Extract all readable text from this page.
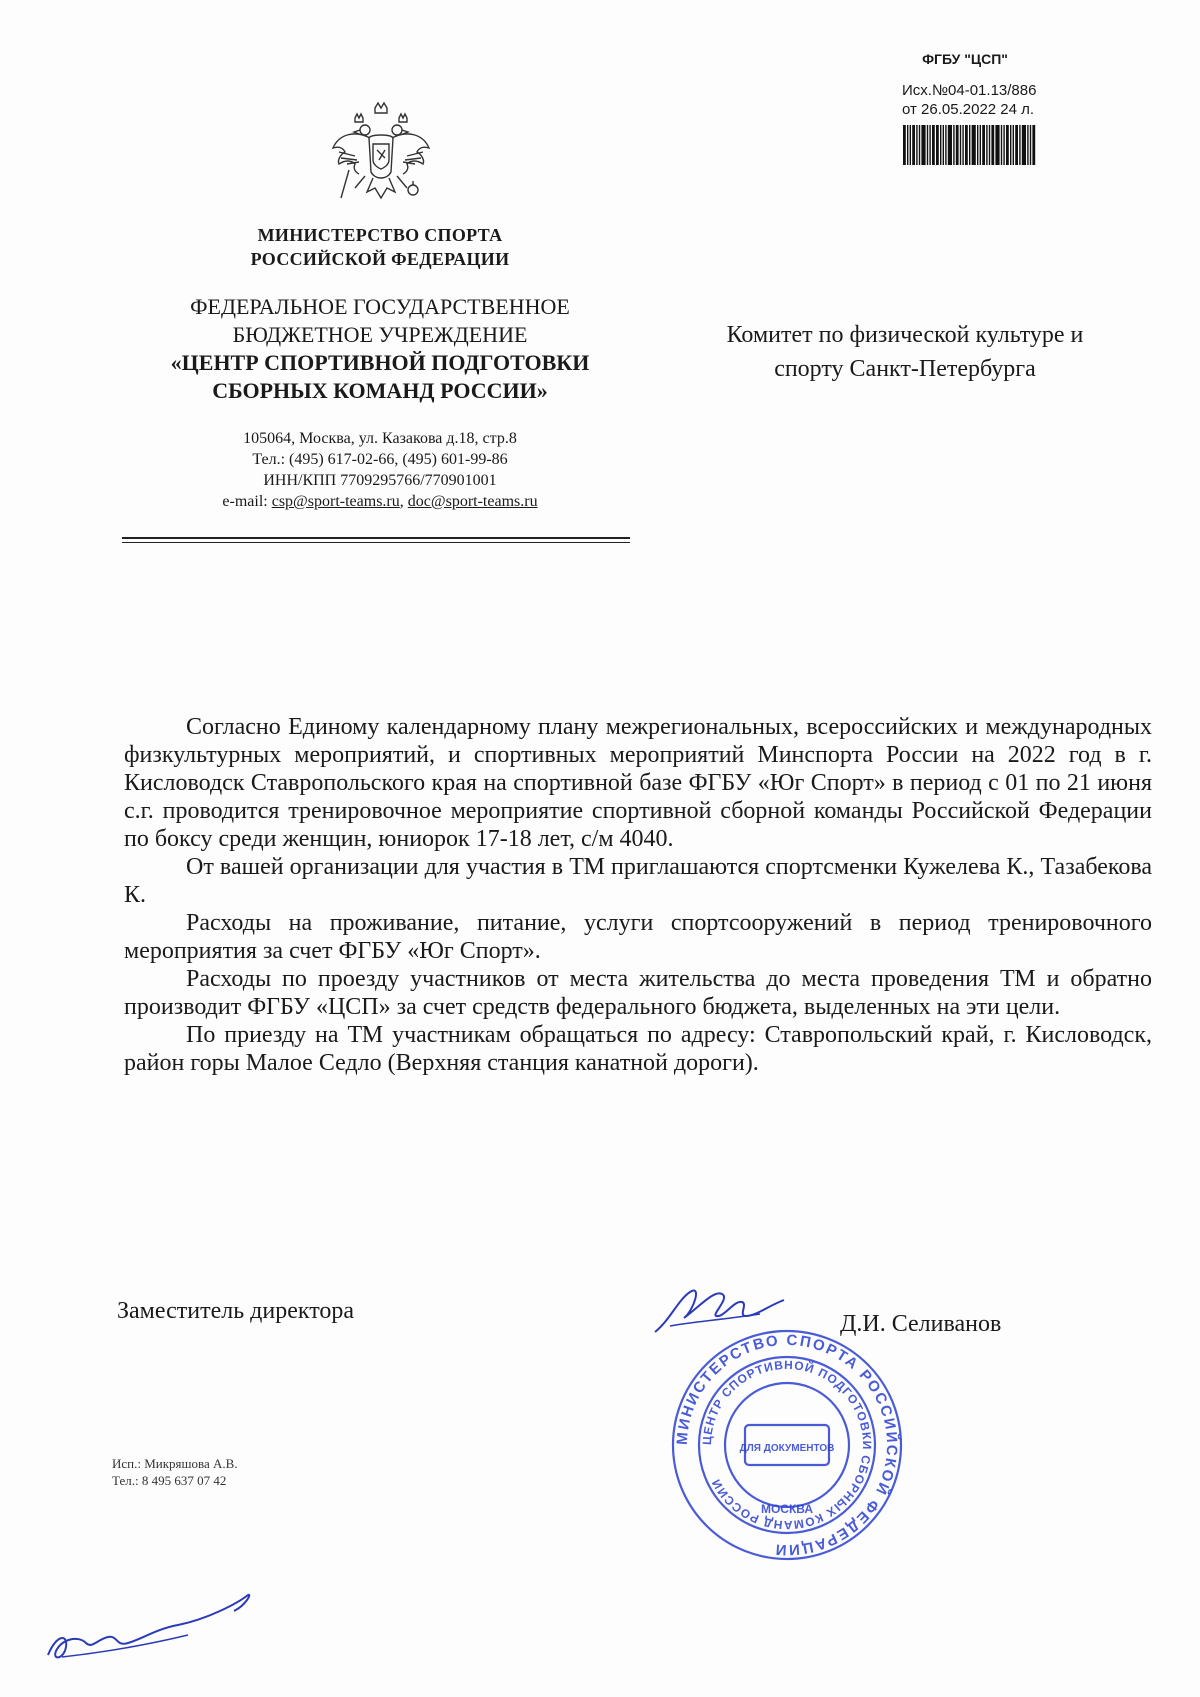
ФГБУ "ЦСП"
Исх.№04-01.13/886
от 26.05.2022 24 л.
МИНИСТЕРСТВО СПОРТА
РОССИЙСКОЙ ФЕДЕРАЦИИ
ФЕДЕРАЛЬНОЕ ГОСУДАРСТВЕННОЕ
БЮДЖЕТНОЕ УЧРЕЖДЕНИЕ
«ЦЕНТР СПОРТИВНОЙ ПОДГОТОВКИ
СБОРНЫХ КОМАНД РОССИИ»
105064, Москва, ул. Казакова д.18, стр.8
Тел.: (495) 617-02-66, (495) 601-99-86
ИНН/КПП 7709295766/770901001
e-mail: csp@sport-teams.ru, doc@sport-teams.ru
Комитет по физической культуре и
спорту Санкт-Петербурга

Согласно Единому календарному плану межрегиональных, всероссийских и международных физкультурных мероприятий, и спортивных мероприятий Минспорта России на 2022 год в г. Кисловодск Ставропольского края на спортивной базе ФГБУ «Юг Спорт» в период с 01 по 21 июня с.г. проводится тренировочное мероприятие спортивной сборной команды Российской Федерации по боксу среди женщин, юниорок 17-18 лет, с/м 4040.

От вашей организации для участия в ТМ приглашаются спортсменки Кужелева К., Тазабекова К.

Расходы на проживание, питание, услуги спортсооружений в период тренировочного мероприятия за счет ФГБУ «Юг Спорт».

Расходы по проезду участников от места жительства до места проведения ТМ и обратно производит ФГБУ «ЦСП» за счет средств федерального бюджета, выделенных на эти цели.

По приезду на ТМ участникам обращаться по адресу: Ставропольский край, г. Кисловодск, район горы Малое Седло (Верхняя станция канатной дороги).

Заместитель директора
МИНИСТЕРСТВО СПОРТА РОССИЙСКОЙ ФЕДЕРАЦИИ
ЦЕНТР СПОРТИВНОЙ ПОДГОТОВКИ СБОРНЫХ КОМАНД РОССИИ
ДЛЯ ДОКУМЕНТОВ
МОСКВА
Д.И. Селиванов
Исп.: Микряшова А.В.
Тел.: 8 495 637 07 42
